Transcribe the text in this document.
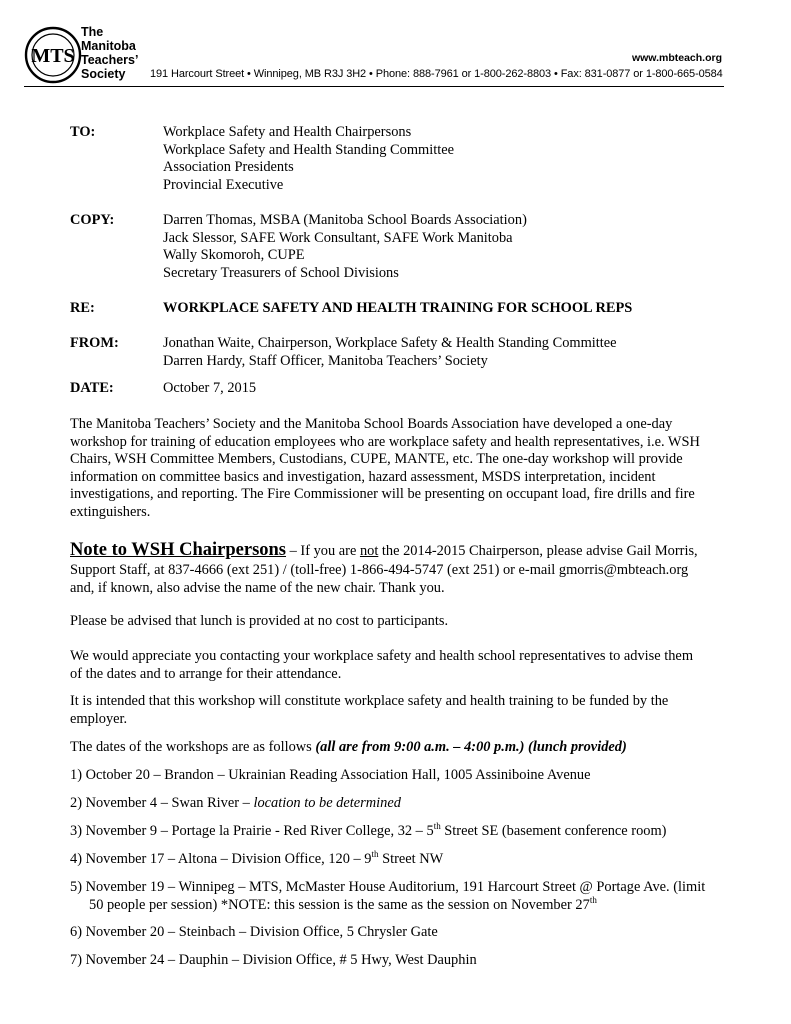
MTS
The
Manitoba
Teachers’
Society
www.mbteach.org
191 Harcourt Street • Winnipeg, MB R3J 3H2 • Phone: 888-7961 or 1-800-262-8803 • Fax: 831-0877 or 1-800-665-0584
TO:	Workplace Safety and Health Chairpersons
Workplace Safety and Health Standing Committee
Association Presidents
Provincial Executive
COPY:	Darren Thomas, MSBA (Manitoba School Boards Association)
Jack Slessor, SAFE Work Consultant, SAFE Work Manitoba
Wally Skomoroh, CUPE
Secretary Treasurers of School Divisions
RE:	WORKPLACE SAFETY AND HEALTH TRAINING FOR SCHOOL REPS
FROM:	Jonathan Waite, Chairperson, Workplace Safety & Health Standing Committee
Darren Hardy, Staff Officer, Manitoba Teachers’ Society
DATE:	October 7, 2015
The Manitoba Teachers’ Society and the Manitoba School Boards Association have developed a one-day
workshop for training of education employees who are workplace safety and health representatives, i.e. WSH
Chairs, WSH Committee Members, Custodians, CUPE, MANTE, etc. The one-day workshop will provide
information on committee basics and investigation, hazard assessment, MSDS interpretation, incident
investigations, and reporting. The Fire Commissioner will be presenting on occupant load, fire drills and fire
extinguishers.
Note to WSH Chairpersons – If you are not the 2014-2015 Chairperson, please advise Gail Morris,
Support Staff, at 837-4666 (ext 251) / (toll-free) 1-866-494-5747 (ext 251) or e-mail gmorris@mbteach.org
and, if known, also advise the name of the new chair. Thank you.
Please be advised that lunch is provided at no cost to participants.
We would appreciate you contacting your workplace safety and health school representatives to advise them
of the dates and to arrange for their attendance.
It is intended that this workshop will constitute workplace safety and health training to be funded by the
employer.
The dates of the workshops are as follows (all are from 9:00 a.m. – 4:00 p.m.) (lunch provided)
1) October 20 – Brandon – Ukrainian Reading Association Hall, 1005 Assiniboine Avenue
2) November 4 – Swan River – location to be determined
3) November 9 – Portage la Prairie - Red River College, 32 – 5th Street SE (basement conference room)
4) November 17 – Altona – Division Office, 120 – 9th Street NW
5) November 19 – Winnipeg – MTS, McMaster House Auditorium, 191 Harcourt Street @ Portage Ave. (limit
50 people per session) *NOTE: this session is the same as the session on November 27th
6) November 20 – Steinbach – Division Office, 5 Chrysler Gate
7) November 24 – Dauphin – Division Office, # 5 Hwy, West Dauphin
